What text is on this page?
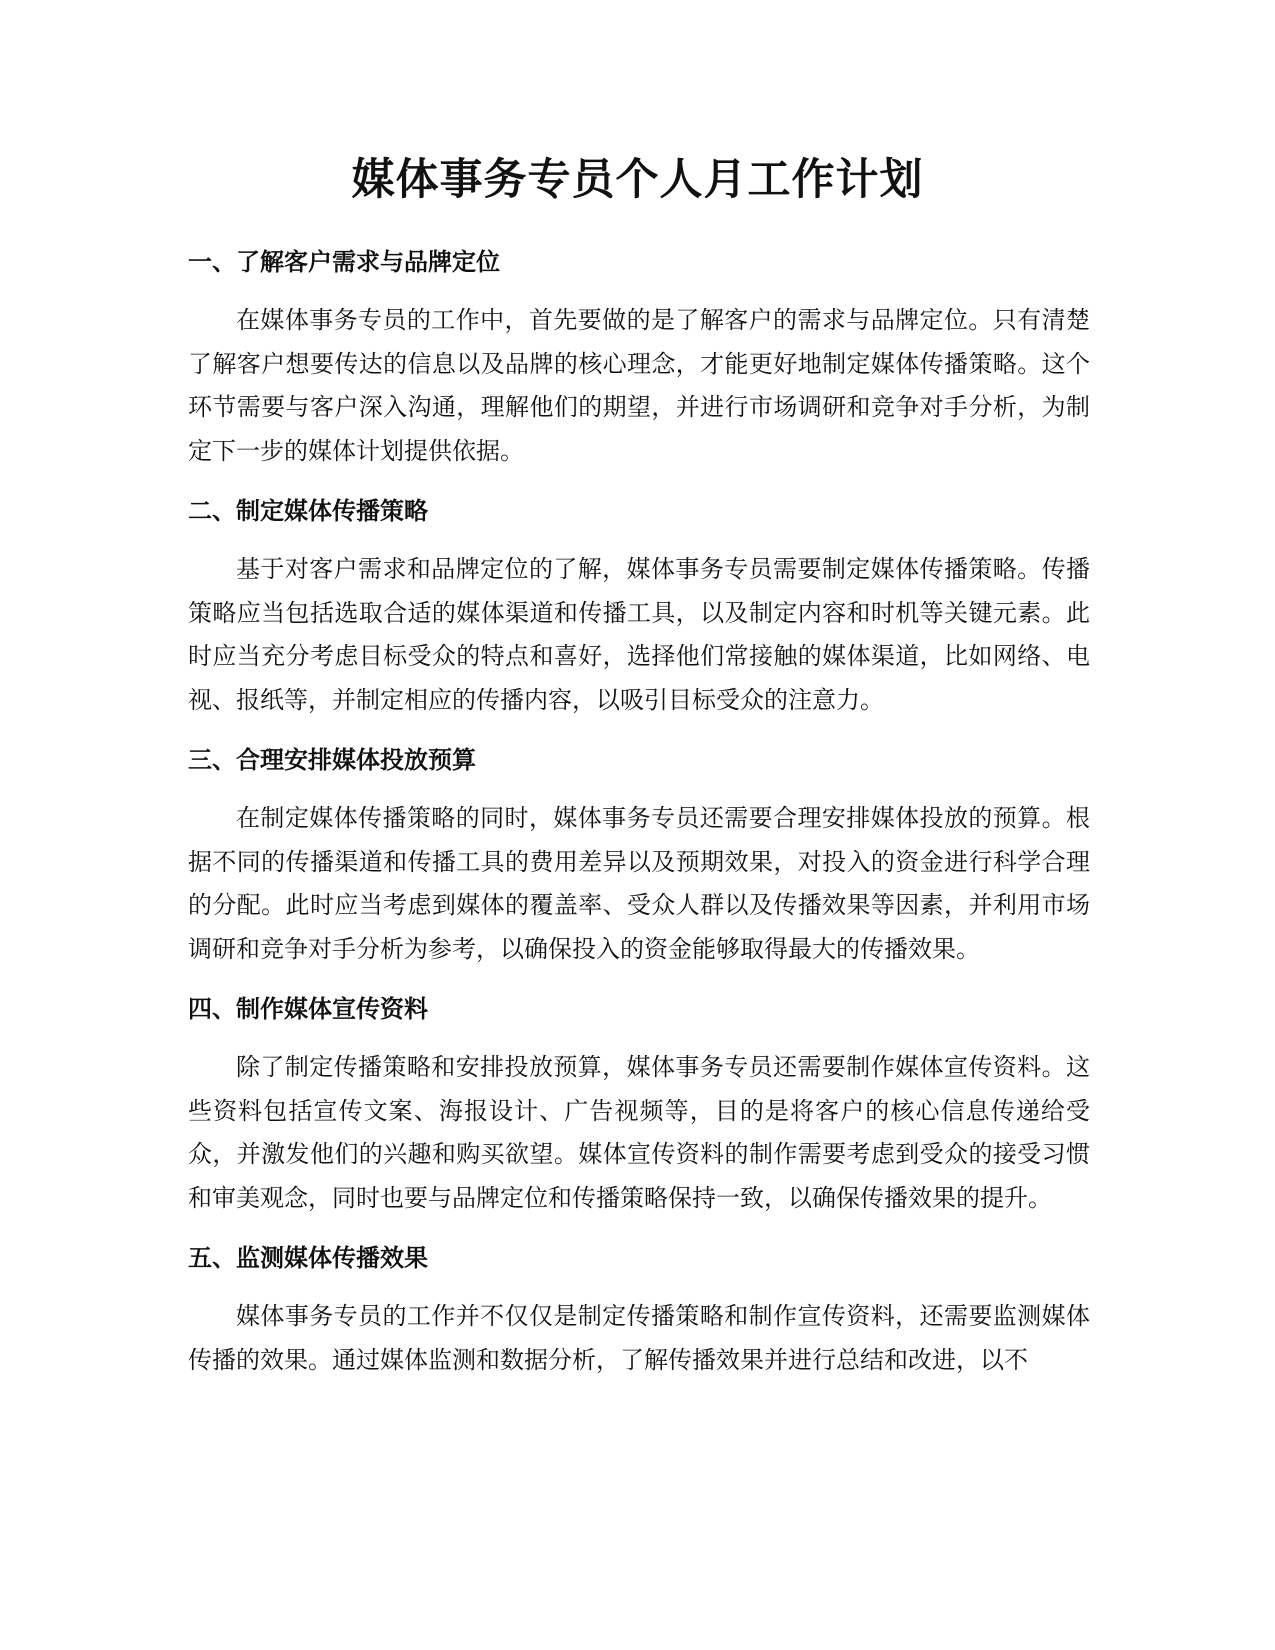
媒体事务专员个人月工作计划
一、了解客户需求与品牌定位

在媒体事务专员的工作中，首先要做的是了解客户的需求与品牌定位。只有清楚了解客户想要传达的信息以及品牌的核心理念，才能更好地制定媒体传播策略。这个环节需要与客户深入沟通，理解他们的期望，并进行市场调研和竞争对手分析，为制定下一步的媒体计划提供依据。

二、制定媒体传播策略

基于对客户需求和品牌定位的了解，媒体事务专员需要制定媒体传播策略。传播策略应当包括选取合适的媒体渠道和传播工具，以及制定内容和时机等关键元素。此时应当充分考虑目标受众的特点和喜好，选择他们常接触的媒体渠道，比如网络、电视、报纸等，并制定相应的传播内容，以吸引目标受众的注意力。

三、合理安排媒体投放预算

在制定媒体传播策略的同时，媒体事务专员还需要合理安排媒体投放的预算。根据不同的传播渠道和传播工具的费用差异以及预期效果，对投入的资金进行科学合理的分配。此时应当考虑到媒体的覆盖率、受众人群以及传播效果等因素，并利用市场调研和竞争对手分析为参考，以确保投入的资金能够取得最大的传播效果。

四、制作媒体宣传资料

除了制定传播策略和安排投放预算，媒体事务专员还需要制作媒体宣传资料。这些资料包括宣传文案、海报设计、广告视频等，目的是将客户的核心信息传递给受众，并激发他们的兴趣和购买欲望。媒体宣传资料的制作需要考虑到受众的接受习惯和审美观念，同时也要与品牌定位和传播策略保持一致，以确保传播效果的提升。

五、监测媒体传播效果

媒体事务专员的工作并不仅仅是制定传播策略和制作宣传资料，还需要监测媒体传播的效果。通过媒体监测和数据分析，了解传播效果并进行总结和改进，以不
